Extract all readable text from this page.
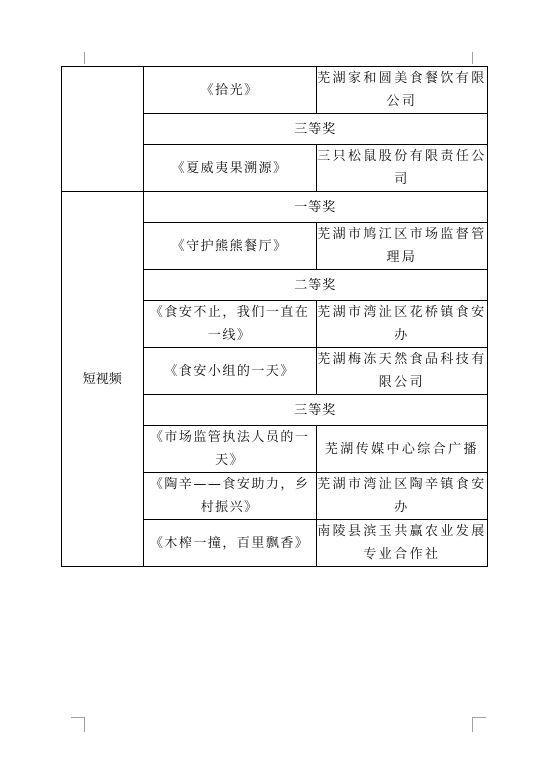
	《拾光》	芜湖家和圆美食餐饮有限公司
	三等奖	
	《夏威夷果溯源》	三只松鼠股份有限责任公司
短视频	一等奖	
	《守护熊熊餐厅》	芜湖市鸠江区市场监督管理局
	二等奖	
	《食安不止，我们一直在一线》	芜湖市湾沚区花桥镇食安办
	《食安小组的一天》	芜湖梅冻天然食品科技有限公司
	三等奖	
	《市场监管执法人员的一天》	芜湖传媒中心综合广播
	《陶辛——食安助力，乡村振兴》	芜湖市湾沚区陶辛镇食安办
	《木榨一撞，百里飘香》	南陵县滨玉共赢农业发展专业合作社
